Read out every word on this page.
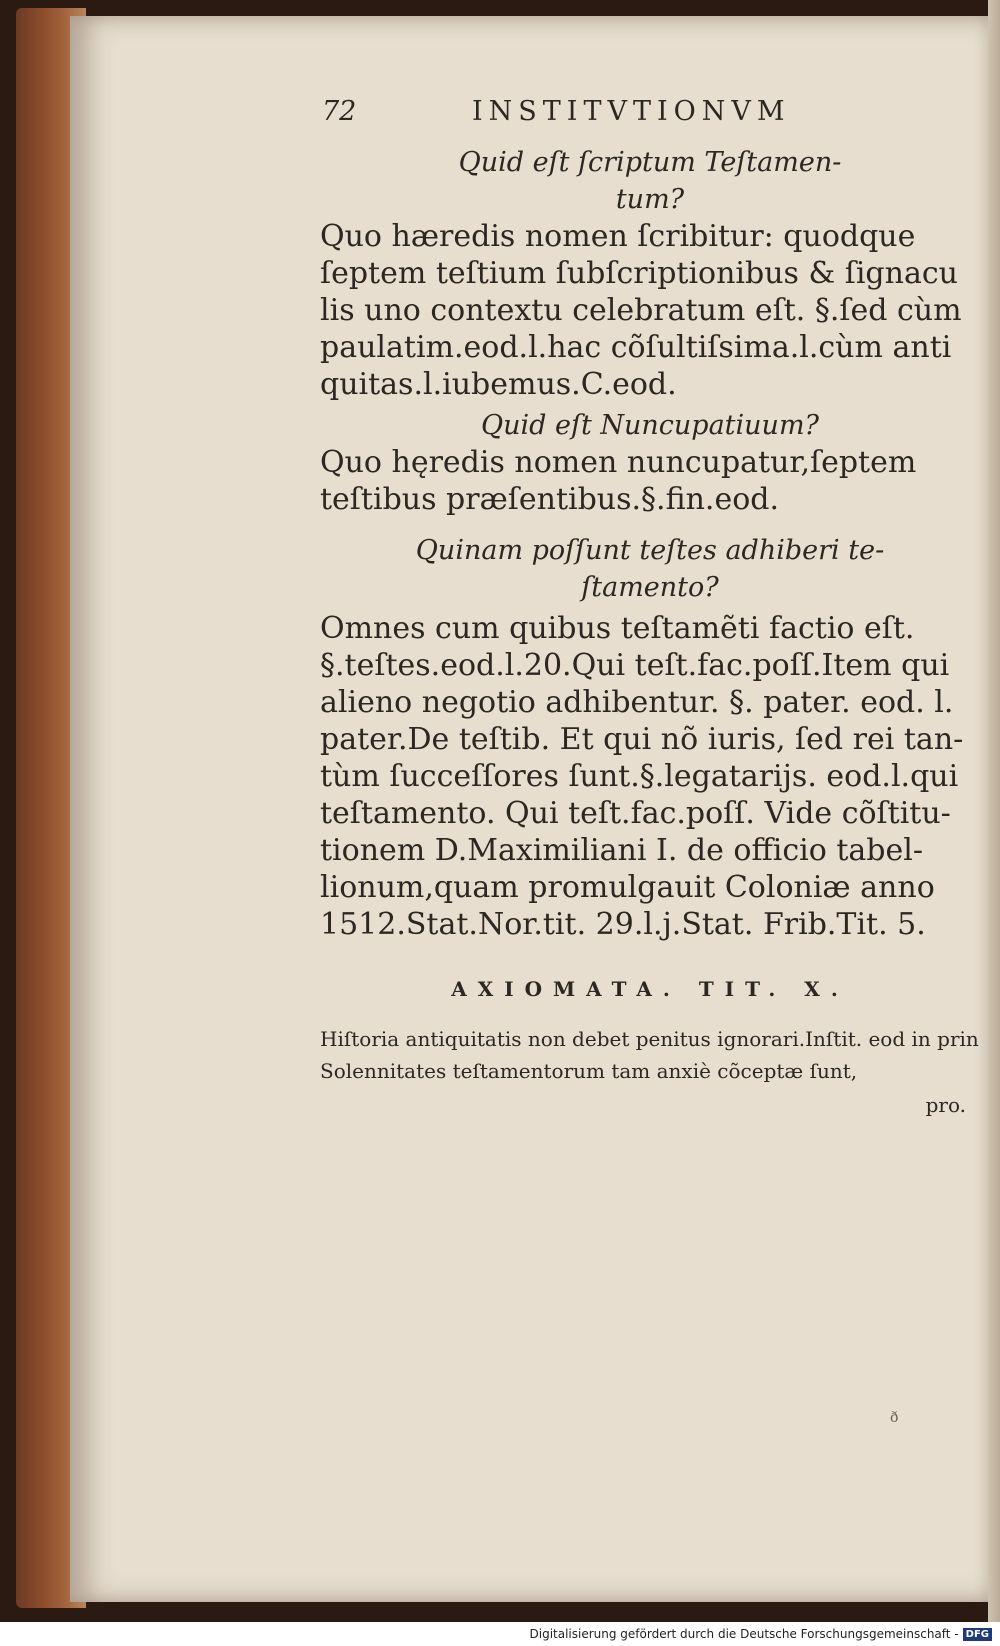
72	INSTITVTIONVM

Quid eſt ſcriptum Teſtamen-

tum?

Quo hæredis nomen ſcribitur: quodque

ſeptem teſtium ſubſcriptionibus & ſignacu

lis uno contextu celebratum eſt. §.ſed cùm

paulatim.eod.l.hac cõſultiſsima.l.cùm anti

quitas.l.iubemus.C.eod.

Quid eſt Nuncupatiuum?

Quo hęredis nomen nuncupatur,ſeptem

teſtibus præſentibus.§.fin.eod.

Quinam poſſunt teſtes adhiberi te-

ſtamento?

Omnes cum quibus teſtamẽti factio eſt.

§.teſtes.eod.l.20.Qui teſt.fac.poſſ.Item qui

alieno negotio adhibentur. §. pater. eod. l.

pater.De teſtib. Et qui nõ iuris, ſed rei tan-

tùm ſucceſſores ſunt.§.legatarijs. eod.l.qui

teſtamento. Qui teſt.fac.poſſ. Vide cõſtitu-

tionem D.Maximiliani I. de officio tabel-

lionum,quam promulgauit Coloniæ anno

1512.Stat.Nor.tit. 29.l.j.Stat. Frib.Tit. 5.

AXIOMATA. TIT. X.

Hiſtoria antiquitatis non debet penitus ignorari.Inſtit. eod in prin

Solennitates teſtamentorum tam anxiè cõceptæ ſunt,

pro.
ð
Digitalisierung gefördert durch die Deutsche Forschungsgemeinschaft - DFG
